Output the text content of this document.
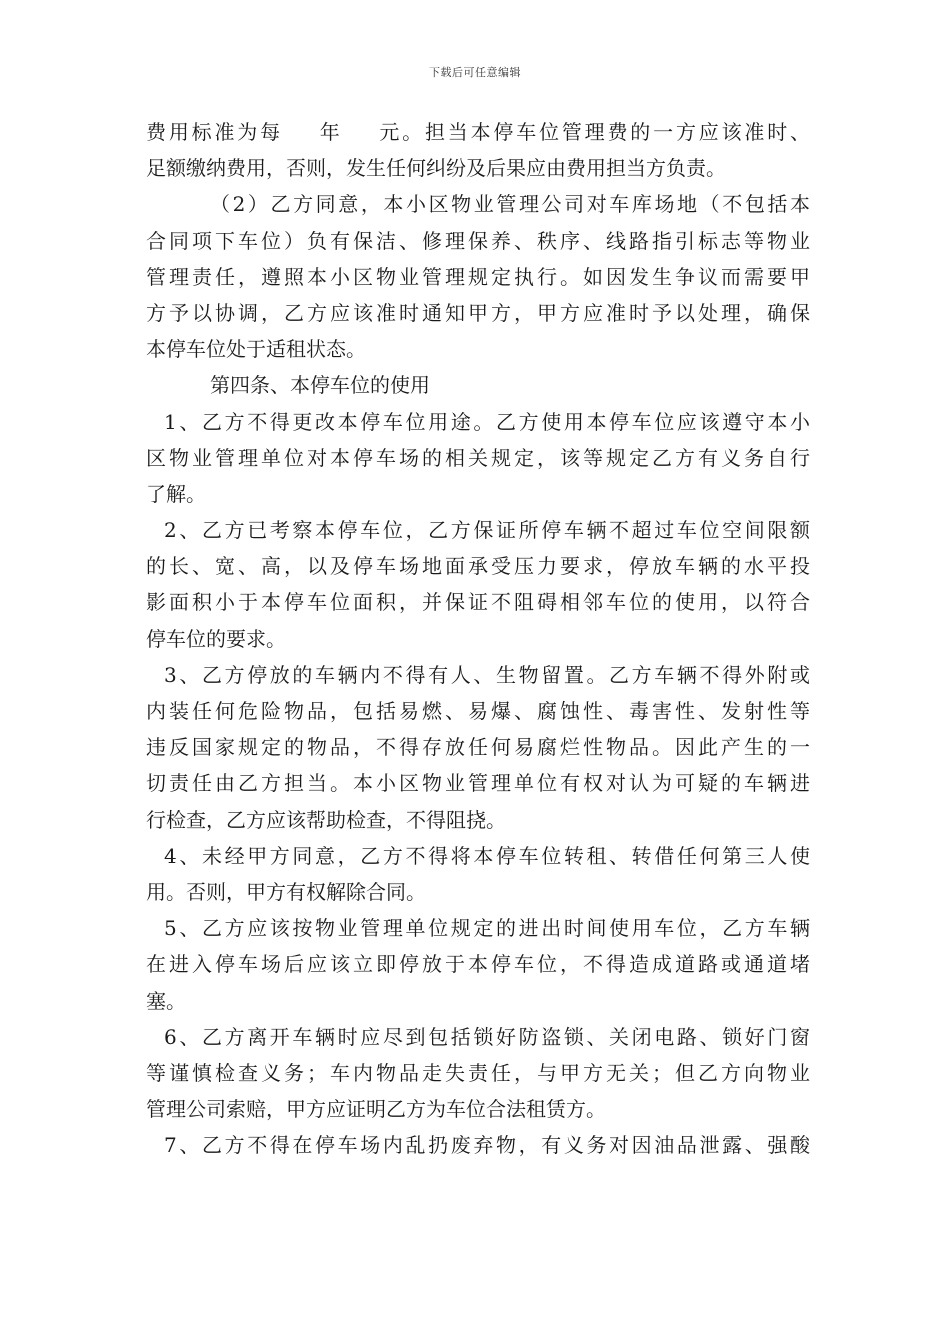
下载后可任意编辑
费用标准为每 年 元。担当本停车位管理费的一方应该准时、
足额缴纳费用，否则，发生任何纠纷及后果应由费用担当方负责。
（2）乙方同意，本小区物业管理公司对车库场地（不包括本
合同项下车位）负有保洁、修理保养、秩序、线路指引标志等物业
管理责任，遵照本小区物业管理规定执行。如因发生争议而需要甲
方予以协调，乙方应该准时通知甲方，甲方应准时予以处理，确保
本停车位处于适租状态。
第四条、本停车位的使用
1、乙方不得更改本停车位用途。乙方使用本停车位应该遵守本小
区物业管理单位对本停车场的相关规定，该等规定乙方有义务自行
了解。
2、乙方已考察本停车位，乙方保证所停车辆不超过车位空间限额
的长、宽、高，以及停车场地面承受压力要求，停放车辆的水平投
影面积小于本停车位面积，并保证不阻碍相邻车位的使用，以符合
停车位的要求。
3、乙方停放的车辆内不得有人、生物留置。乙方车辆不得外附或
内装任何危险物品，包括易燃、易爆、腐蚀性、毒害性、发射性等
违反国家规定的物品，不得存放任何易腐烂性物品。因此产生的一
切责任由乙方担当。本小区物业管理单位有权对认为可疑的车辆进
行检查，乙方应该帮助检查，不得阻挠。
4、未经甲方同意，乙方不得将本停车位转租、转借任何第三人使
用。否则，甲方有权解除合同。
5、乙方应该按物业管理单位规定的进出时间使用车位，乙方车辆
在进入停车场后应该立即停放于本停车位，不得造成道路或通道堵
塞。
6、乙方离开车辆时应尽到包括锁好防盗锁、关闭电路、锁好门窗
等谨慎检查义务；车内物品走失责任，与甲方无关；但乙方向物业
管理公司索赔，甲方应证明乙方为车位合法租赁方。
7、乙方不得在停车场内乱扔废弃物，有义务对因油品泄露、强酸
